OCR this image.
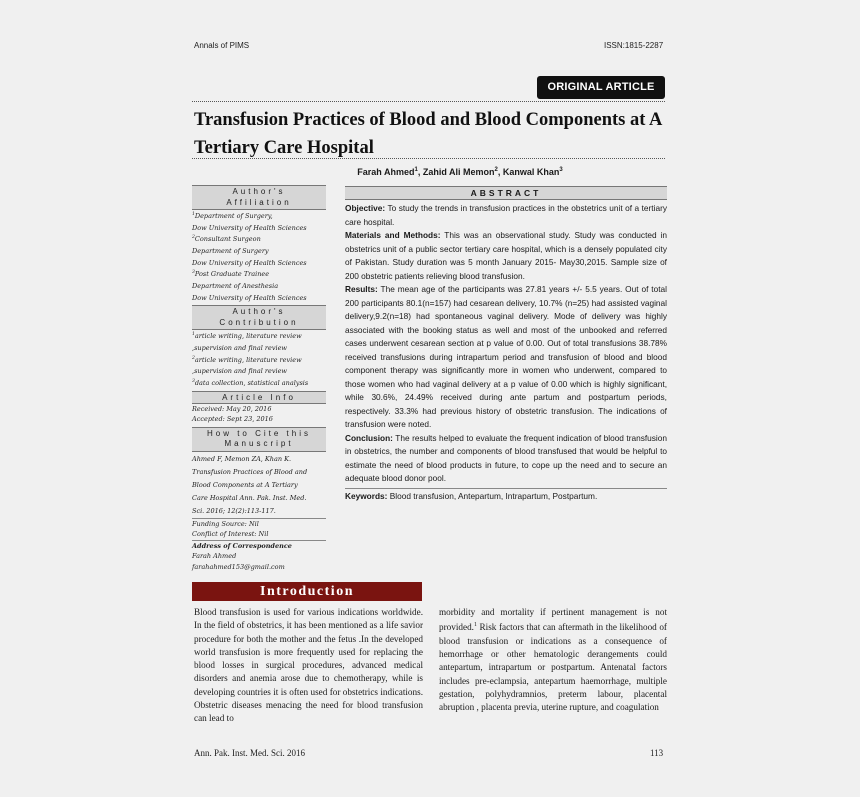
Annals of PIMS	ISSN:1815-2287
ORIGINAL ARTICLE
Transfusion Practices of Blood and Blood Components at A Tertiary Care Hospital
Farah Ahmed$^1$, Zahid Ali Memon$^2$, Kanwal Khan$^3$
Author's Affiliation
$^1$Department of Surgery,
Dow University of Health Sciences
$^2$Consultant Surgeon
Department of Surgery
Dow University of Health Sciences
$^3$Post Graduate Trainee
Department of Anesthesia
Dow University of Health Sciences
Author's Contribution
$^1$article writing, literature review
,supervision and final review
$^2$article writing, literature review
,supervision and final review
$^3$data collection, statistical analysis
Article Info
Received: May 20, 2016
Accepted: Sept 23, 2016
How to Cite this Manuscript
Ahmed F, Memon ZA, Khan K.
Transfusion Practices of Blood and
Blood Components at A Tertiary
Care Hospital Ann. Pak. Inst. Med.
Sci. 2016; 12(2):113-117.
Funding Source: Nil
Conflict of Interest: Nil
Address of Correspondence
Farah Ahmed
farahahmed153@gmail.com
ABSTRACT

Objective: To study the trends in transfusion practices in the obstetrics unit of a tertiary care hospital.

Materials and Methods: This was an observational study. Study was conducted in obstetrics unit of a public sector tertiary care hospital, which is a densely populated city of Pakistan. Study duration was 5 month January 2015- May30,2015. Sample size of 200 obstetric patients relieving blood transfusion.

Results: The mean age of the participants was 27.81 years +/- 5.5 years. Out of total 200 participants 80.1(n=157) had cesarean delivery, 10.7% (n=25) had assisted vaginal delivery,9.2(n=18) had spontaneous vaginal delivery. Mode of delivery was highly associated with the booking status as well and most of the unbooked and referred cases underwent cesarean section at p value of 0.00. Out of total transfusions 38.78% received transfusions during intrapartum period and transfusion of blood and blood component therapy was significantly more in women who underwent, compared to those women who had vaginal delivery at a p value of 0.00 which is highly significant, while 30.6%, 24.49% received during ante partum and postpartum periods, respectively. 33.3% had previous history of obstetric transfusion. The indications of transfusion were noted.

Conclusion: The results helped to evaluate the frequent indication of blood transfusion in obstetrics, the number and components of blood transfused that would be helpful to estimate the need of blood products in future, to cope up the need and to secure an adequate blood donor pool.

Keywords: Blood transfusion, Antepartum, Intrapartum, Postpartum.

Introduction
Blood transfusion is used for various indications worldwide. In the field of obstetrics, it has been mentioned as a life savior procedure for both the mother and the fetus .In the developed world transfusion is more frequently used for replacing the blood losses in surgical procedures, advanced medical disorders and anemia arose due to chemotherapy, while is developing countries it is often used for obstetrics indications. Obstetric diseases menacing the need for blood transfusion can lead to
morbidity and mortality if pertinent management is not provided.$^1$ Risk factors that can aftermath in the likelihood of blood transfusion or indications as a consequence of hemorrhage or other hematologic derangements could antepartum, intrapartum or postpartum. Antenatal factors includes pre-eclampsia, antepartum haemorrhage, multiple gestation, polyhydramnios, preterm labour, placental abruption , placenta previa, uterine rupture, and coagulation
Ann. Pak. Inst. Med. Sci. 2016	113
